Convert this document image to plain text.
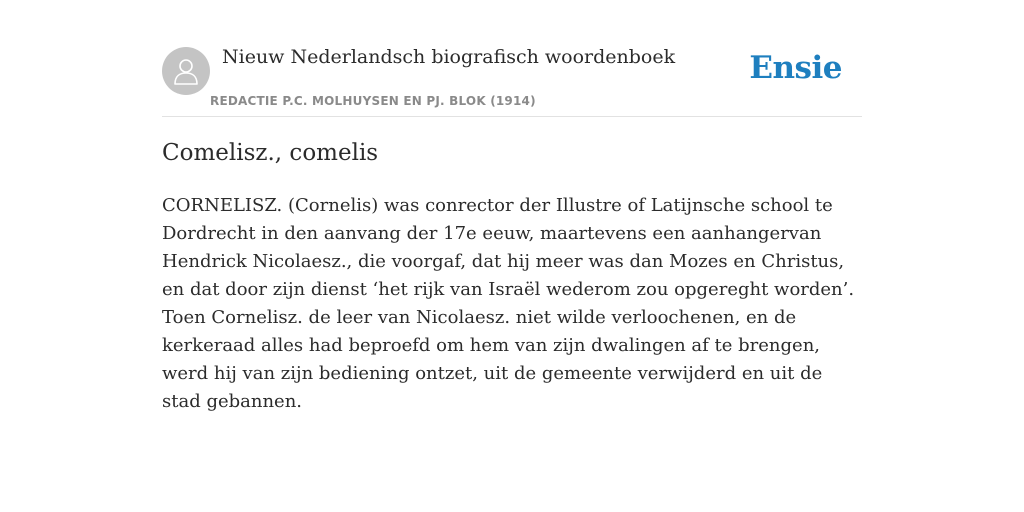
Nieuw Nederlandsch biografisch woordenboek
REDACTIE P.C. MOLHUYSEN EN PJ. BLOK (1914)
Ensie
Comelisz., comelis

CORNELISZ. (Cornelis) was conrector der Illustre of Latijnsche school te Dordrecht in den aanvang der 17e eeuw, maartevens een aanhangervan Hendrick Nicolaesz., die voorgaf, dat hij meer was dan Mozes en Christus, en dat door zijn dienst ‘het rijk van Israël wederom zou opgereght worden’. Toen Cornelisz. de leer van Nicolaesz. niet wilde verloochenen, en de kerkeraad alles had beproefd om hem van zijn dwalingen af te brengen, werd hij van zijn bediening ontzet, uit de gemeente verwijderd en uit de stad gebannen.
